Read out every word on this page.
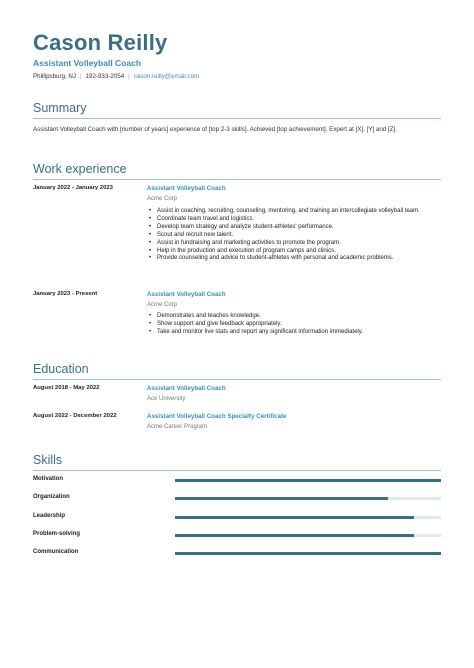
Cason Reilly
Assistant Volleyball Coach
Phillipsburg, NJ | 192-933-2054 | cason.reilly@email.com
Summary
Assistant Volleyball Coach with [number of years] experience of [top 2-3 skills]. Achieved [top achievement]. Expert at [X], [Y] and [Z].
Work experience
January 2022 - January 2023	Assistant Volleyball Coach
Acme Corp
• Assist in coaching, recruiting, counseling, mentoring, and training an intercollegiate volleyball team.
• Coordinate team travel and logistics.
• Develop team strategy and analyze student-athletes' performance.
• Scout and recruit new talent.
• Assist in fundraising and marketing activities to promote the program.
• Help in the production and execution of program camps and clinics.
• Provide counseling and advice to student-athletes with personal and academic problems.
January 2023 - Present	Assistant Volleyball Coach
Acme Corp
• Demonstrates and teaches knowledge.
• Show support and give feedback appropriately.
• Take and monitor live stats and report any significant information immediately.
Education
August 2018 - May 2022	Assistant Volleyball Coach
Ace University
August 2022 - December 2022	Assistant Volleyball Coach Specialty Certificate
Acme Career Program
Skills
Motivation
Organization
Leadership
Problem-solving
Communication
